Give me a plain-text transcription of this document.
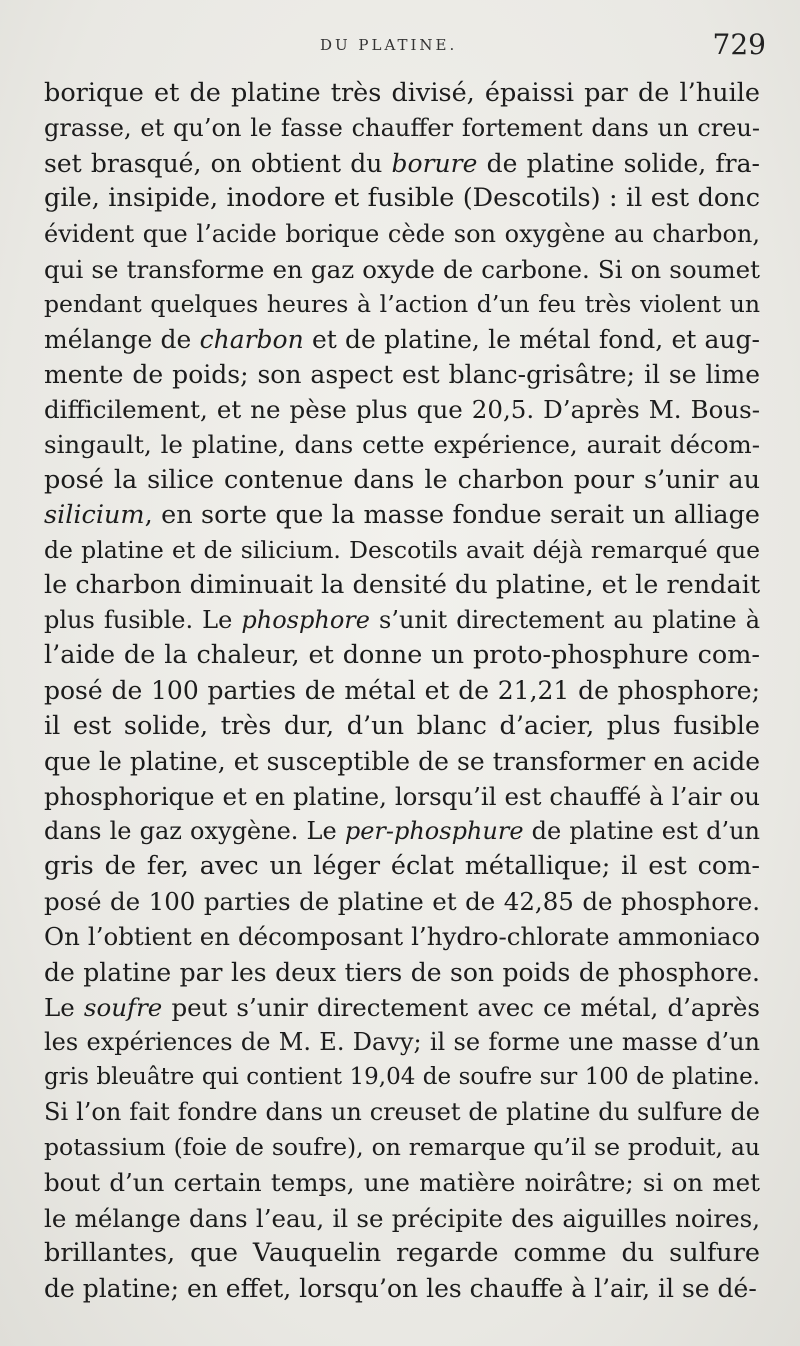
DU PLATINE.	729
borique et de platine très divisé, épaissi par de l’huile
grasse, et qu’on le fasse chauffer fortement dans un creu-
set brasqué, on obtient du borure de platine solide, fra-
gile, insipide, inodore et fusible (Descotils) : il est donc
évident que l’acide borique cède son oxygène au charbon,
qui se transforme en gaz oxyde de carbone. Si on soumet
pendant quelques heures à l’action d’un feu très violent un
mélange de charbon et de platine, le métal fond, et aug-
mente de poids; son aspect est blanc-grisâtre; il se lime
difficilement, et ne pèse plus que 20,5. D’après M. Bous-
singault, le platine, dans cette expérience, aurait décom-
posé la silice contenue dans le charbon pour s’unir au
silicium, en sorte que la masse fondue serait un alliage
de platine et de silicium. Descotils avait déjà remarqué que
le charbon diminuait la densité du platine, et le rendait
plus fusible. Le phosphore s’unit directement au platine à
l’aide de la chaleur, et donne un proto-phosphure com-
posé de 100 parties de métal et de 21,21 de phosphore;
il est solide, très dur, d’un blanc d’acier, plus fusible
que le platine, et susceptible de se transformer en acide
phosphorique et en platine, lorsqu’il est chauffé à l’air ou
dans le gaz oxygène. Le per-phosphure de platine est d’un
gris de fer, avec un léger éclat métallique; il est com-
posé de 100 parties de platine et de 42,85 de phosphore.
On l’obtient en décomposant l’hydro-chlorate ammoniaco
de platine par les deux tiers de son poids de phosphore.
Le soufre peut s’unir directement avec ce métal, d’après
les expériences de M. E. Davy; il se forme une masse d’un
gris bleuâtre qui contient 19,04 de soufre sur 100 de platine.
Si l’on fait fondre dans un creuset de platine du sulfure de
potassium (foie de soufre), on remarque qu’il se produit, au
bout d’un certain temps, une matière noirâtre; si on met
le mélange dans l’eau, il se précipite des aiguilles noires,
brillantes, que Vauquelin regarde comme du sulfure
de platine; en effet, lorsqu’on les chauffe à l’air, il se dé-
